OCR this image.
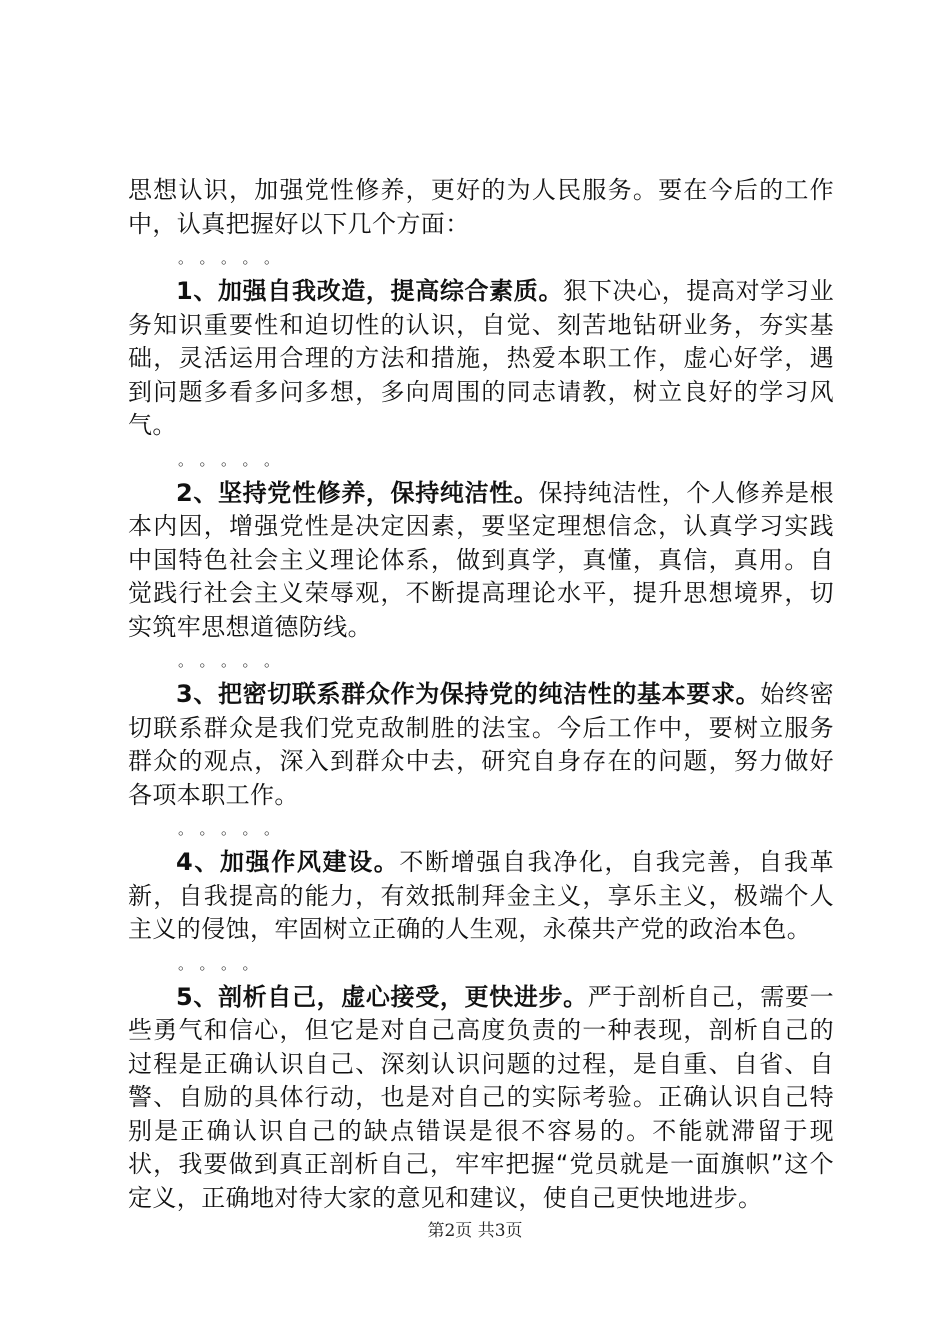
思想认识，加强党性修养，更好的为人民服务。要在今后的工作中，认真把握好以下几个方面：

。。。。。

1、加强自我改造，提高综合素质。狠下决心，提高对学习业务知识重要性和迫切性的认识，自觉、刻苦地钻研业务，夯实基础，灵活运用合理的方法和措施，热爱本职工作，虚心好学，遇到问题多看多问多想，多向周围的同志请教，树立良好的学习风气。

。。。。。

2、坚持党性修养，保持纯洁性。保持纯洁性，个人修养是根本内因，增强党性是决定因素，要坚定理想信念，认真学习实践中国特色社会主义理论体系，做到真学，真懂，真信，真用。自觉践行社会主义荣辱观，不断提高理论水平，提升思想境界，切实筑牢思想道德防线。

。。。。。

3、把密切联系群众作为保持党的纯洁性的基本要求。始终密切联系群众是我们党克敌制胜的法宝。今后工作中，要树立服务群众的观点，深入到群众中去，研究自身存在的问题，努力做好各项本职工作。

。。。。。

4、加强作风建设。不断增强自我净化，自我完善，自我革新，自我提高的能力，有效抵制拜金主义，享乐主义，极端个人主义的侵蚀，牢固树立正确的人生观，永葆共产党的政治本色。

。。。。

5、剖析自己，虚心接受，更快进步。严于剖析自己，需要一些勇气和信心，但它是对自己高度负责的一种表现，剖析自己的过程是正确认识自己、深刻认识问题的过程，是自重、自省、自警、自励的具体行动，也是对自己的实际考验。正确认识自己特别是正确认识自己的缺点错误是很不容易的。不能就滞留于现状，我要做到真正剖析自己，牢牢把握“党员就是一面旗帜”这个定义，正确地对待大家的意见和建议，使自己更快地进步。

第2页 共3页
